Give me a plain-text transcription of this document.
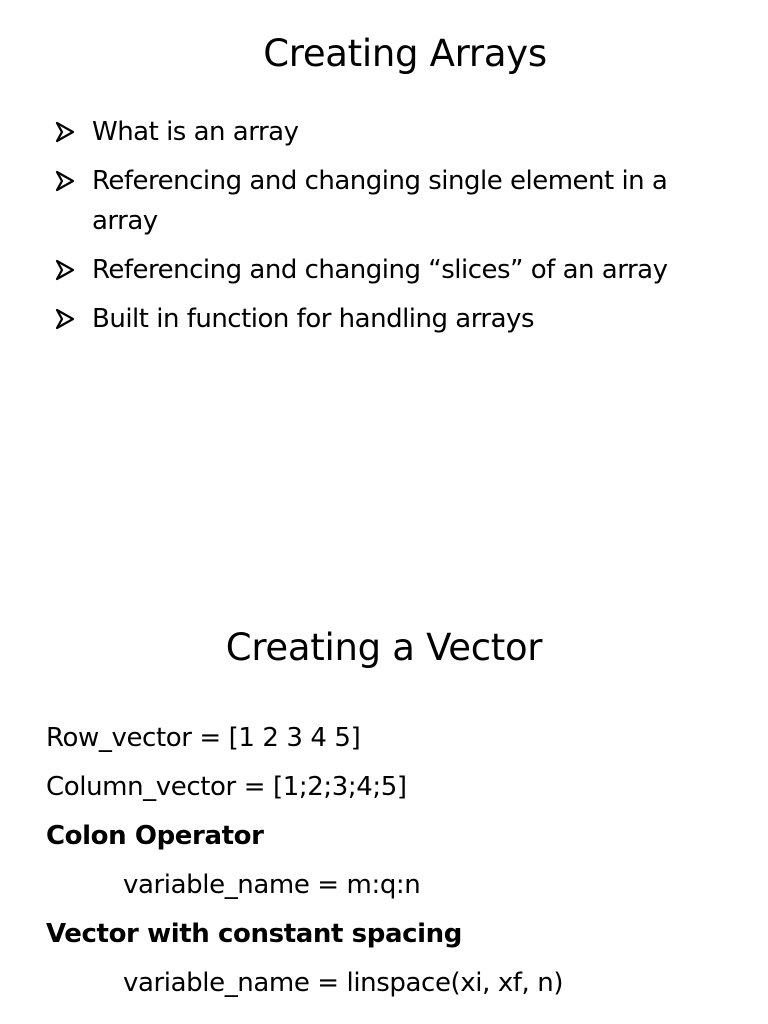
Creating Arrays
What is an array
Referencing and changing single element in a array
Referencing and changing “slices” of an array
Built in function for handling arrays
Creating a Vector
Row_vector = [1 2 3 4 5]
Column_vector = [1;2;3;4;5]
Colon Operator
variable_name = m:q:n
Vector with constant spacing
variable_name = linspace(xi, xf, n)
